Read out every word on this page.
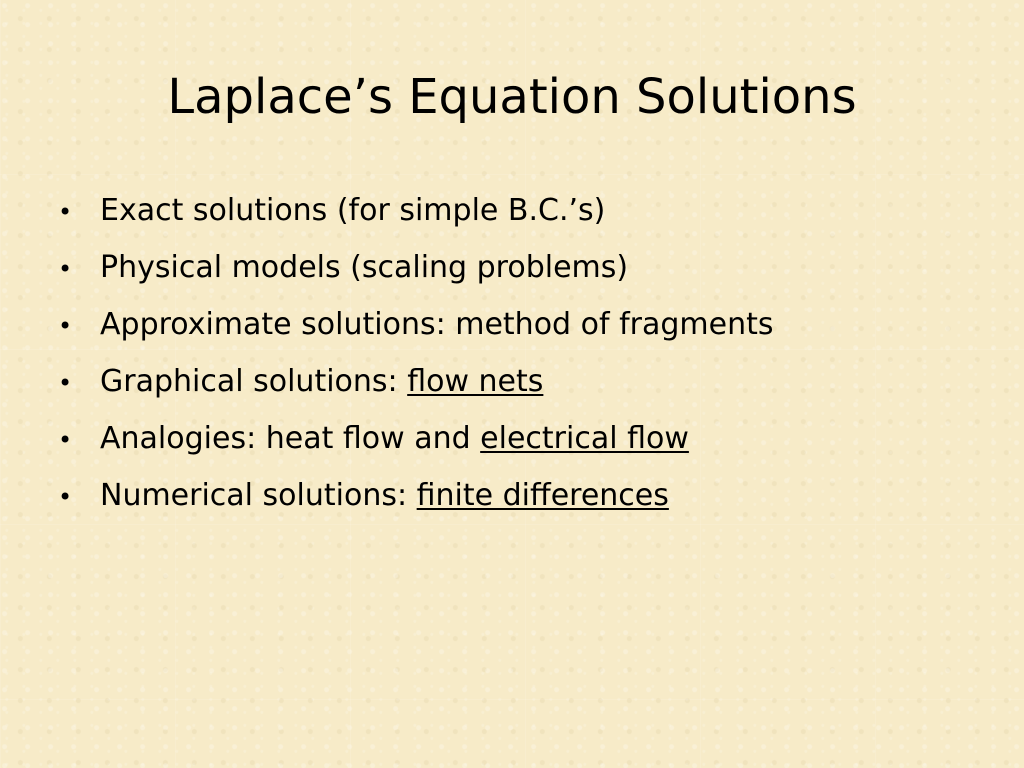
Laplace’s Equation Solutions
• Exact solutions (for simple B.C.’s)
• Physical models (scaling problems)
• Approximate solutions: method of fragments
• Graphical solutions: flow nets
• Analogies: heat flow and electrical flow
• Numerical solutions: finite differences
